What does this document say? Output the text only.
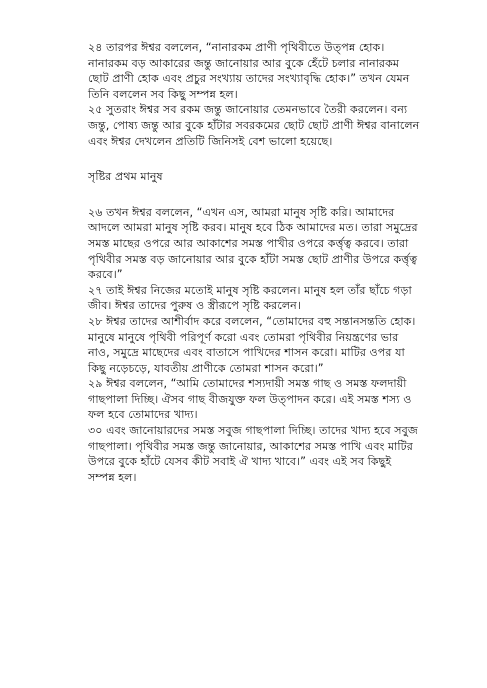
২৪ তারপর ঈশ্বর বললেন, “নানারকম প্রাণী পৃথিবীতে উত্পন্ন হোক। নানারকম বড় আকারের জন্তু জানোয়ার আর বুকে হেঁটে চলার নানারকম ছোট প্রাণী হোক এবং প্রচুর সংখ্যায় তাদের সংখ্যাবৃদ্ধি হোক।” তখন যেমন তিনি বললেন সব কিছু সম্পন্ন হল।

২৫ সুতরাং ঈশ্বর সব রকম জন্তু জানোয়ার তেমনভাবে তৈরী করলেন। বন্য জন্তু, পোষ্য জন্তু আর বুকে হাঁটার সবরকমের ছোট ছোট প্রাণী ঈশ্বর বানালেন এবং ঈশ্বর দেখলেন প্রতিটি জিনিসই বেশ ভালো হয়েছে।

সৃষ্টির প্রথম মানুষ

২৬ তখন ঈশ্বর বললেন, “এখন এস, আমরা মানুষ সৃষ্টি করি। আমাদের আদলে আমরা মানুষ সৃষ্টি করব। মানুষ হবে ঠিক আমাদের মত। তারা সমুদ্রের সমস্ত মাছের ওপরে আর আকাশের সমস্ত পাখীর ওপরে কর্ত্তৃত্ব করবে। তারা পৃথিবীর সমস্ত বড় জানোয়ার আর বুকে হাঁটা সমস্ত ছোট প্রাণীর উপরে কর্ত্তৃত্ব করবে।”

২৭ তাই ঈশ্বর নিজের মতোই মানুষ সৃষ্টি করলেন। মানুষ হল তাঁর ছাঁচে গড়া জীব। ঈশ্বর তাদের পুরুষ ও স্ত্রীরূপে সৃষ্টি করলেন।

২৮ ঈশ্বর তাদের আশীর্বাদ করে বললেন, “তোমাদের বহু সন্তানসন্ততি হোক। মানুষে মানুষে পৃথিবী পরিপূর্ণ করো এবং তোমরা পৃথিবীর নিয়ন্ত্রণের ভার নাও, সমুদ্রে মাছেদের এবং বাতাসে পাখিদের শাসন করো। মাটির ওপর যা কিছু নড়েচড়ে, যাবতীয় প্রাণীকে তোমরা শাসন করো।”

২৯ ঈশ্বর বললেন, “আমি তোমাদের শস্যদায়ী সমস্ত গাছ ও সমস্ত ফলদায়ী গাছপালা দিচ্ছি। ঐসব গাছ বীজযুক্ত ফল উত্পাদন করে। এই সমস্ত শস্য ও ফল হবে তোমাদের খাদ্য।

৩০ এবং জানোয়ারদের সমস্ত সবুজ গাছপালা দিচ্ছি। তাদের খাদ্য হবে সবুজ গাছপালা। পৃথিবীর সমস্ত জন্তু জানোয়ার, আকাশের সমস্ত পাখি এবং মাটির উপরে বুকে হাঁটে যেসব কীট সবাই ঐ খাদ্য খাবে।” এবং এই সব কিছুই সম্পন্ন হল।
